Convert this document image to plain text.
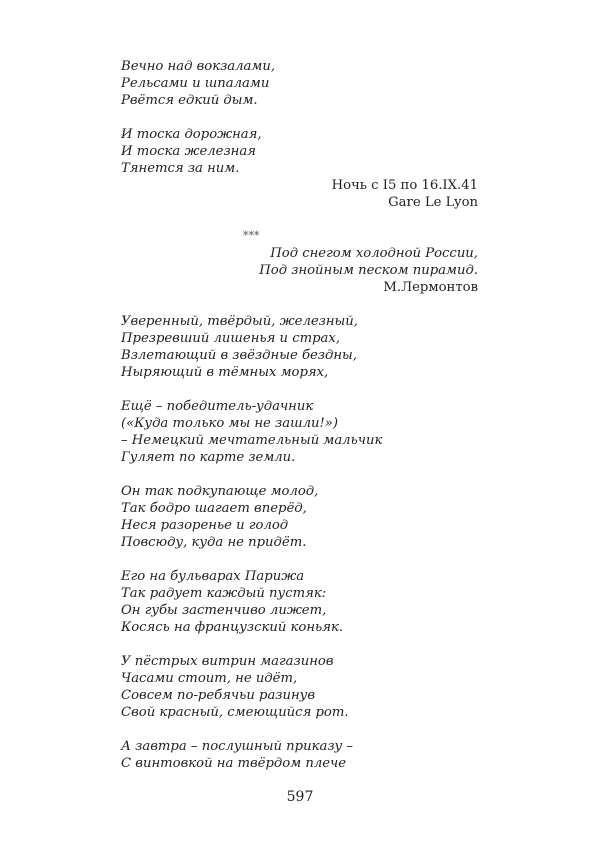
Вечно над вокзалами,
Рельсами и шпалами
Рвётся едкий дым.
И тоска дорожная,
И тоска железная
Тянется за ним.
Ночь с I5 по 16.IX.41
Gare Le Lyon
***
Под снегом холодной России,
Под знойным песком пирамид.
М.Лермонтов
Уверенный, твёрдый, железный,
Презревший лишенья и страх,
Взлетающий в звёздные бездны,
Ныряющий в тёмных морях,
Ещё – победитель-удачник
(«Куда только мы не зашли!»)
– Немецкий мечтательный мальчик
Гуляет по карте земли.
Он так подкупающе молод,
Так бодро шагает вперёд,
Неся разоренье и голод
Повсюду, куда не придёт.
Его на бульварах Парижа
Так радует каждый пустяк:
Он губы застенчиво лижет,
Косясь на французский коньяк.
У пёстрых витрин магазинов
Часами стоит, не идёт,
Совсем по-ребячьи разинув
Свой красный, смеющийся рот.
А завтра – послушный приказу –
С винтовкой на твёрдом плече
597
